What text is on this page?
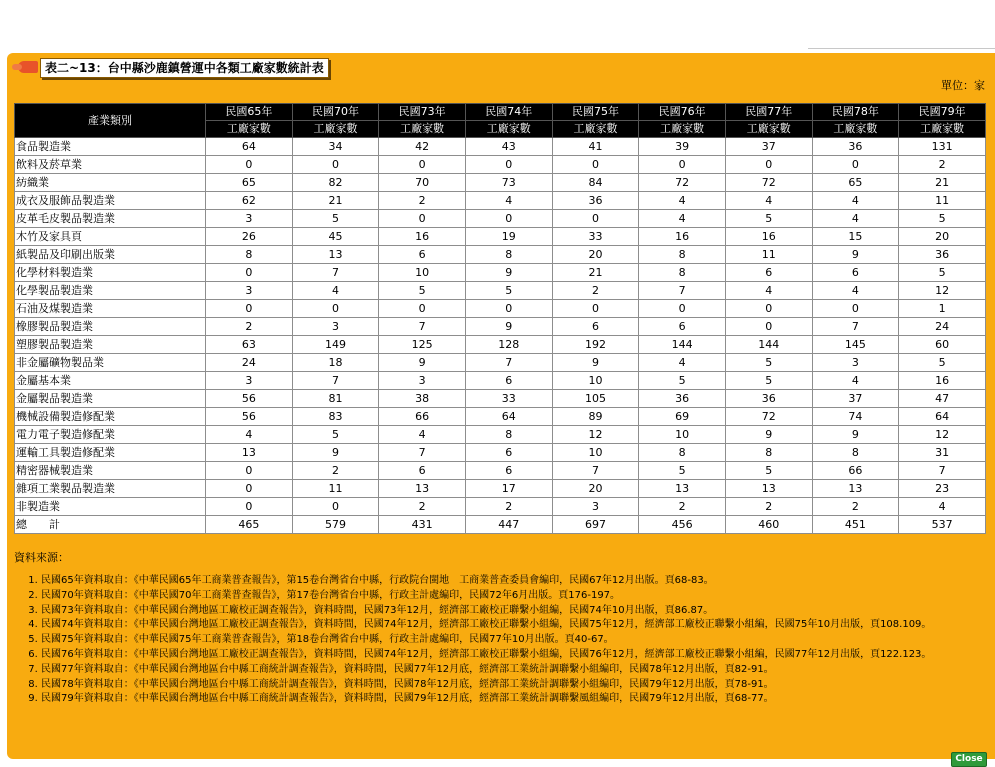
表二~13：台中縣沙鹿鎮營運中各類工廠家數統計表
單位：家
產業類別	民國65年	民國70年	民國73年	民國74年	民國75年	民國76年	民國77年	民國78年	民國79年
	工廠家數	工廠家數	工廠家數	工廠家數	工廠家數	工廠家數	工廠家數	工廠家數	工廠家數
食品製造業	64	34	42	43	41	39	37	36	131
飲料及菸草業	0	0	0	0	0	0	0	0	2
紡織業	65	82	70	73	84	72	72	65	21
成衣及服飾品製造業	62	21	2	4	36	4	4	4	11
皮革毛皮製品製造業	3	5	0	0	0	4	5	4	5
木竹及家具頁	26	45	16	19	33	16	16	15	20
紙製品及印刷出版業	8	13	6	8	20	8	11	9	36
化學材料製造業	0	7	10	9	21	8	6	6	5
化學製品製造業	3	4	5	5	2	7	4	4	12
石油及煤製造業	0	0	0	0	0	0	0	0	1
橡膠製品製造業	2	3	7	9	6	6	0	7	24
塑膠製品製造業	63	149	125	128	192	144	144	145	60
非金屬礦物製品業	24	18	9	7	9	4	5	3	5
金屬基本業	3	7	3	6	10	5	5	4	16
金屬製品製造業	56	81	38	33	105	36	36	37	47
機械設備製造修配業	56	83	66	64	89	69	72	74	64
電力電子製造修配業	4	5	4	8	12	10	9	9	12
運輸工具製造修配業	13	9	7	6	10	8	8	8	31
精密器械製造業	0	2	6	6	7	5	5	66	7
雜項工業製品製造業	0	11	13	17	20	13	13	13	23
非製造業	0	0	2	2	3	2	2	2	4
總　　計	465	579	431	447	697	456	460	451	537
資料來源：
1. 民國65年資料取自：《中華民國65年工商業普查報告》，第15卷台灣省台中縣，行政院台閩地　工商業普查委員會編印，民國67年12月出版。頁68-83。
2. 民國70年資料取自：《中華民國70年工商業普查報告》，第17卷台灣省台中縣，行政主計處編印，民國72年6月出版。頁176-197。
3. 民國73年資料取自：《中華民國台灣地區工廠校正調查報告》，資料時間，民國73年12月，經濟部工廠校正聯繫小組編，民國74年10月出版，頁86.87。
4. 民國74年資料取自：《中華民國台灣地區工廠校正調查報告》，資料時間，民國74年12月，經濟部工廠校正聯繫小組編，民國75年12月，經濟部工廠校正聯繫小組編，民國75年10月出版，頁108.109。
5. 民國75年資料取自：《中華民國75年工商業普查報告》，第18卷台灣省台中縣，行政主計處編印，民國77年10月出版。頁40-67。
6. 民國76年資料取自：《中華民國台灣地區工廠校正調查報告》，資料時間，民國74年12月，經濟部工廠校正聯繫小組編，民國76年12月，經濟部工廠校正聯繫小組編，民國77年12月出版，頁122.123。
7. 民國77年資料取自：《中華民國台灣地區台中縣工商統計調查報告》，資料時間，民國77年12月底，經濟部工業統計調聯繫小組編印，民國78年12月出版，頁82-91。
8. 民國78年資料取自：《中華民國台灣地區台中縣工商統計調查報告》，資料時間，民國78年12月底，經濟部工業統計調聯繫小組編印，民國79年12月出版，頁78-91。
9. 民國79年資料取自：《中華民國台灣地區台中縣工商統計調查報告》，資料時間，民國79年12月底，經濟部工業統計調聯繫風組編印，民國79年12月出版，頁68-77。
Close
